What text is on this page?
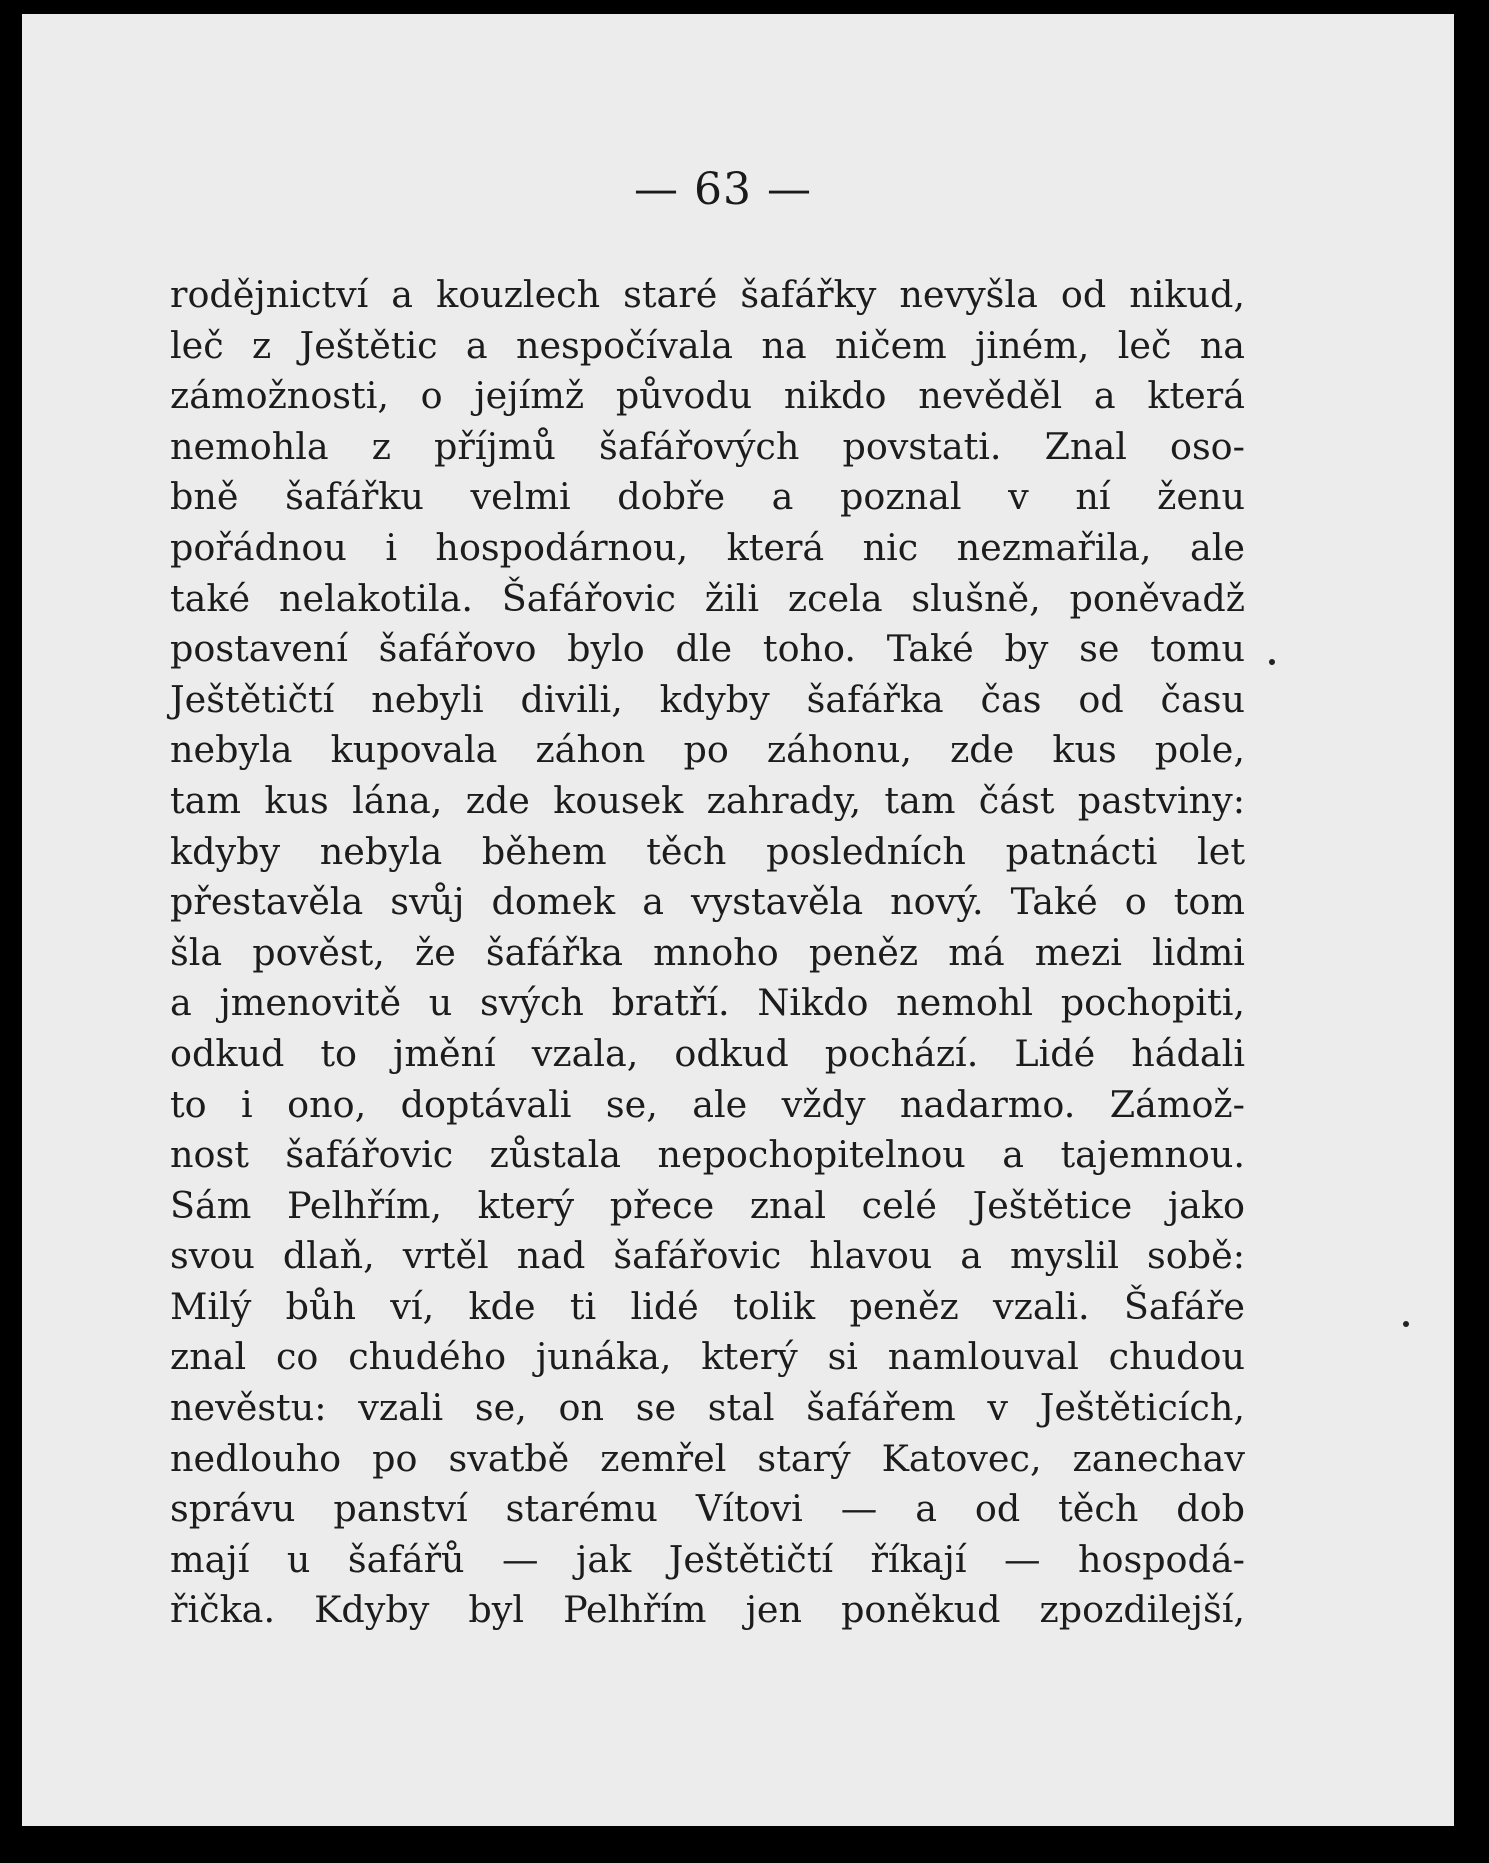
— 63 —
rodějnictví a kouzlech staré šafářky nevyšla od nikud,
leč z Ještětic a nespočívala na ničem jiném, leč na
zámožnosti, o jejímž původu nikdo nevěděl a která
nemohla z příjmů šafářových povstati. Znal oso-
bně šafářku velmi dobře a poznal v ní ženu
pořádnou i hospodárnou, která nic nezmařila, ale
také nelakotila. Šafářovic žili zcela slušně, poněvadž
postavení šafářovo bylo dle toho. Také by se tomu
Ještětičtí nebyli divili, kdyby šafářka čas od času
nebyla kupovala záhon po záhonu, zde kus pole,
tam kus lána, zde kousek zahrady, tam část pastviny:
kdyby nebyla během těch posledních patnácti let
přestavěla svůj domek a vystavěla nový. Také o tom
šla pověst, že šafářka mnoho peněz má mezi lidmi
a jmenovitě u svých bratří. Nikdo nemohl pochopiti,
odkud to jmění vzala, odkud pochází. Lidé hádali
to i ono, doptávali se, ale vždy nadarmo. Zámož-
nost šafářovic zůstala nepochopitelnou a tajemnou.
Sám Pelhřím, který přece znal celé Ještětice jako
svou dlaň, vrtěl nad šafářovic hlavou a myslil sobě:
Milý bůh ví, kde ti lidé tolik peněz vzali. Šafáře
znal co chudého junáka, který si namlouval chudou
nevěstu: vzali se, on se stal šafářem v Ještěticích,
nedlouho po svatbě zemřel starý Katovec, zanechav
správu panství starému Vítovi — a od těch dob
mají u šafářů — jak Ještětičtí říkají — hospodá-
řička. Kdyby byl Pelhřím jen poněkud zpozdilejší,
